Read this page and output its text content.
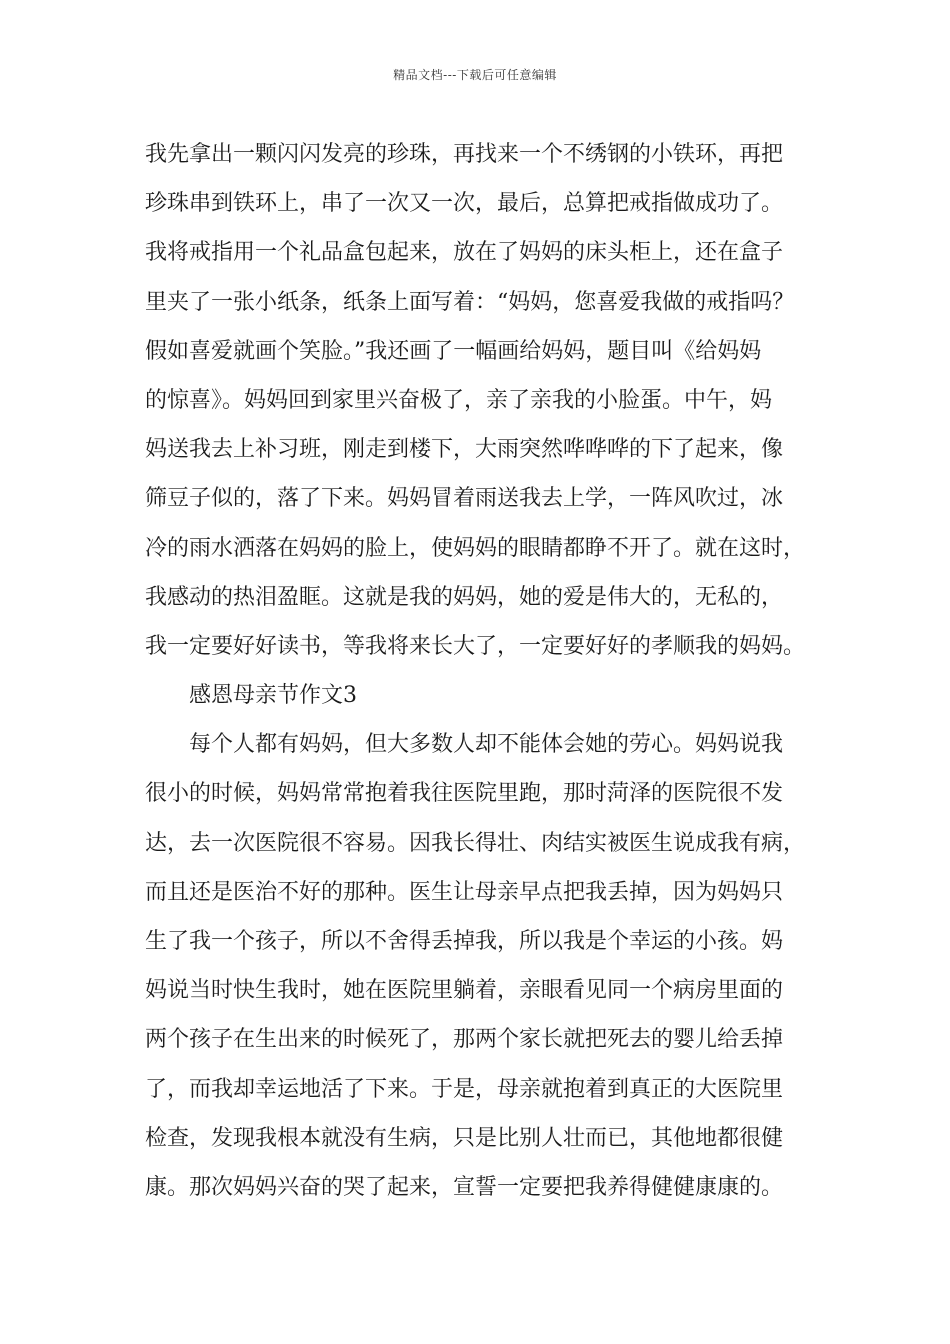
精品文档---下载后可任意编辑
我先拿出一颗闪闪发亮的珍珠，再找来一个不绣钢的小铁环，再把
珍珠串到铁环上，串了一次又一次，最后，总算把戒指做成功了。
我将戒指用一个礼品盒包起来，放在了妈妈的床头柜上，还在盒子
里夹了一张小纸条，纸条上面写着：“妈妈，您喜爱我做的戒指吗？
假如喜爱就画个笑脸。”我还画了一幅画给妈妈，题目叫《给妈妈
的惊喜》。妈妈回到家里兴奋极了，亲了亲我的小脸蛋。中午，妈
妈送我去上补习班，刚走到楼下，大雨突然哗哗哗的下了起来，像
筛豆子似的，落了下来。妈妈冒着雨送我去上学，一阵风吹过，冰
冷的雨水洒落在妈妈的脸上，使妈妈的眼睛都睁不开了。就在这时，
我感动的热泪盈眶。这就是我的妈妈，她的爱是伟大的，无私的，
我一定要好好读书，等我将来长大了，一定要好好的孝顺我的妈妈。
感恩母亲节作文3
每个人都有妈妈，但大多数人却不能体会她的劳心。妈妈说我
很小的时候，妈妈常常抱着我往医院里跑，那时菏泽的医院很不发
达，去一次医院很不容易。因我长得壮、肉结实被医生说成我有病，
而且还是医治不好的那种。医生让母亲早点把我丢掉，因为妈妈只
生了我一个孩子，所以不舍得丢掉我，所以我是个幸运的小孩。妈
妈说当时快生我时，她在医院里躺着，亲眼看见同一个病房里面的
两个孩子在生出来的时候死了，那两个家长就把死去的婴儿给丢掉
了，而我却幸运地活了下来。于是，母亲就抱着到真正的大医院里
检查，发现我根本就没有生病，只是比别人壮而已，其他地都很健
康。那次妈妈兴奋的哭了起来，宣誓一定要把我养得健健康康的。
